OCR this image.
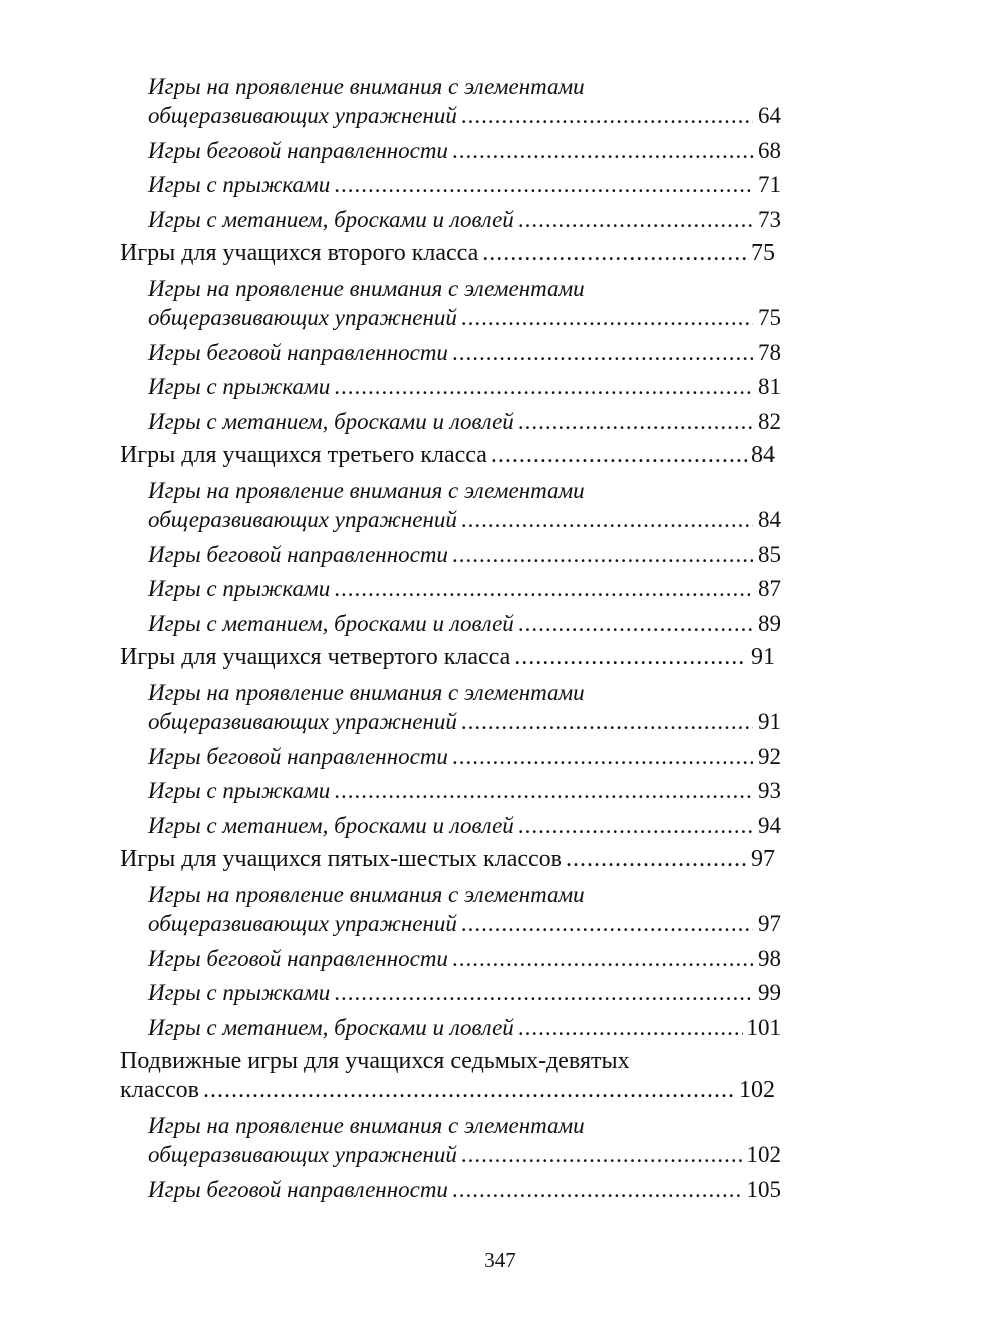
Игры на проявление внимания с элементами
общеразвивающих упражнений .....	64
Игры беговой направленности .....	68
Игры с прыжками .....	71
Игры с метанием, бросками и ловлей .....	73
Игры для учащихся второго класса .....	75
Игры на проявление внимания с элементами
общеразвивающих упражнений .....	75
Игры беговой направленности .....	78
Игры с прыжками .....	81
Игры с метанием, бросками и ловлей .....	82
Игры для учащихся третьего класса .....	84
Игры на проявление внимания с элементами
общеразвивающих упражнений .....	84
Игры беговой направленности .....	85
Игры с прыжками .....	87
Игры с метанием, бросками и ловлей .....	89
Игры для учащихся четвертого класса .....	91
Игры на проявление внимания с элементами
общеразвивающих упражнений .....	91
Игры беговой направленности .....	92
Игры с прыжками .....	93
Игры с метанием, бросками и ловлей .....	94
Игры для учащихся пятых-шестых классов .....	97
Игры на проявление внимания с элементами
общеразвивающих упражнений .....	97
Игры беговой направленности .....	98
Игры с прыжками .....	99
Игры с метанием, бросками и ловлей .....	101
Подвижные игры для учащихся седьмых-девятых
классов .....	102
Игры на проявление внимания с элементами
общеразвивающих упражнений .....	102
Игры беговой направленности .....	105
347
